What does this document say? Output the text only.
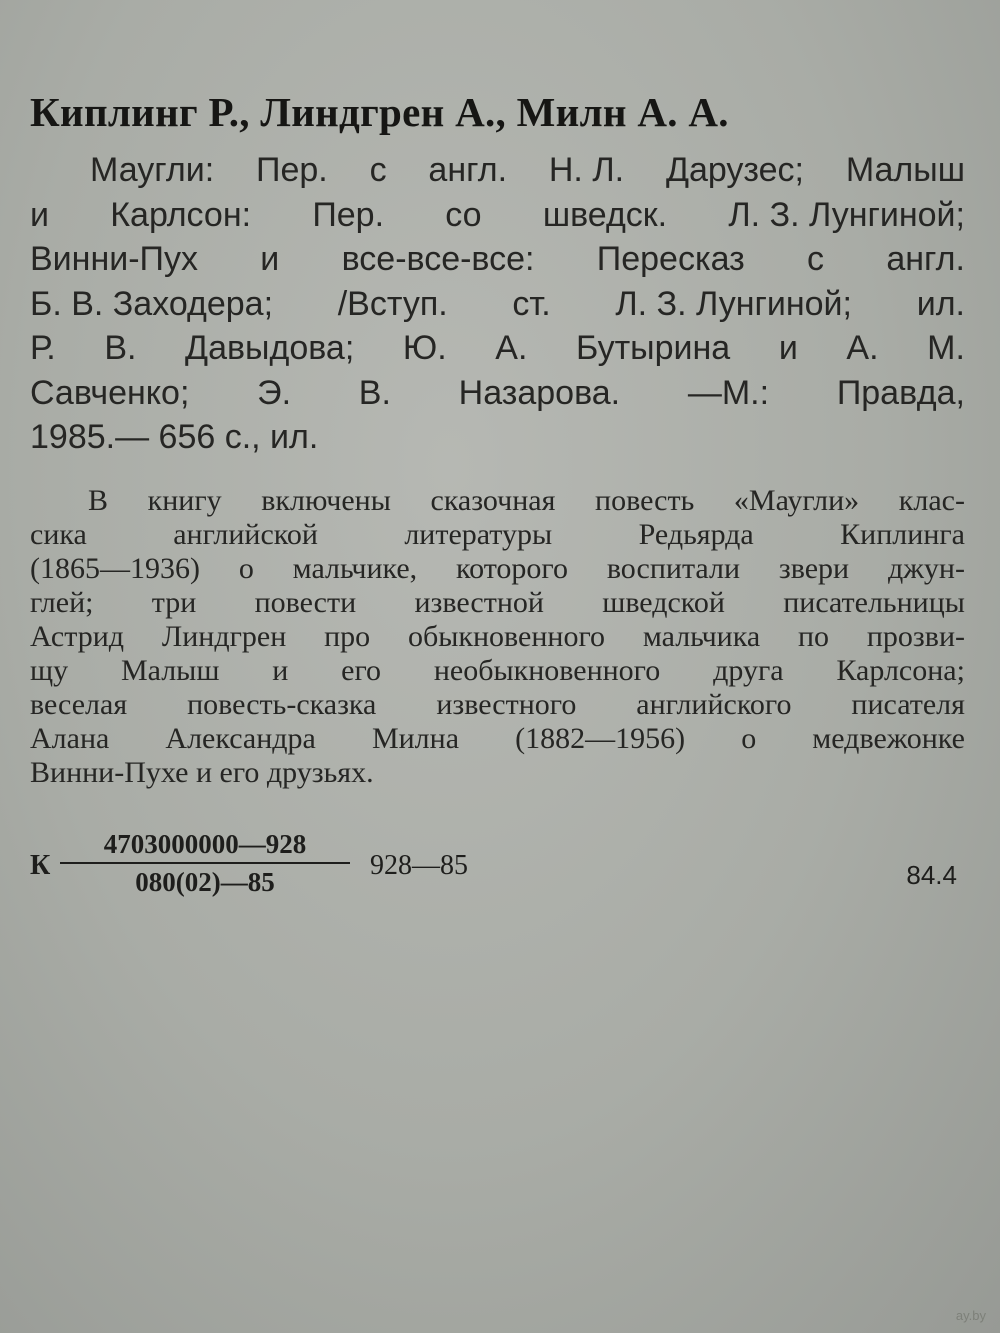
Киплинг Р., Линдгрен А., Милн А. А.
Маугли: Пер. с англ. Н. Л. Дарузес; Малыш
и Карлсон: Пер. со шведск. Л. З. Лунгиной;
Винни-Пух и все-все-все: Пересказ с англ.
Б. В. Заходера; /Вступ. ст. Л. З. Лунгиной; ил.
Р. В. Давыдова; Ю. А. Бутырина и А. М.
Савченко; Э. В. Назарова. —М.: Правда,
1985.— 656 с., ил.
В книгу включены сказочная повесть «Маугли» клас-
сика	английской	литературы	Редьярда	Киплинга
(1865—1936) о мальчике, которого воспитали звери джун-
глей; три повести известной шведской писательницы
Астрид Линдгрен про обыкновенного мальчика по прозви-
щу Малыш и его необыкновенного друга Карлсона;
веселая повесть-сказка известного английского писателя
Алана Александра Милна (1882—1956) о медвежонке
Винни-Пухе и его друзьях.
К
4703000000—928
080(02)—85
928—85	84.4
ay.by
